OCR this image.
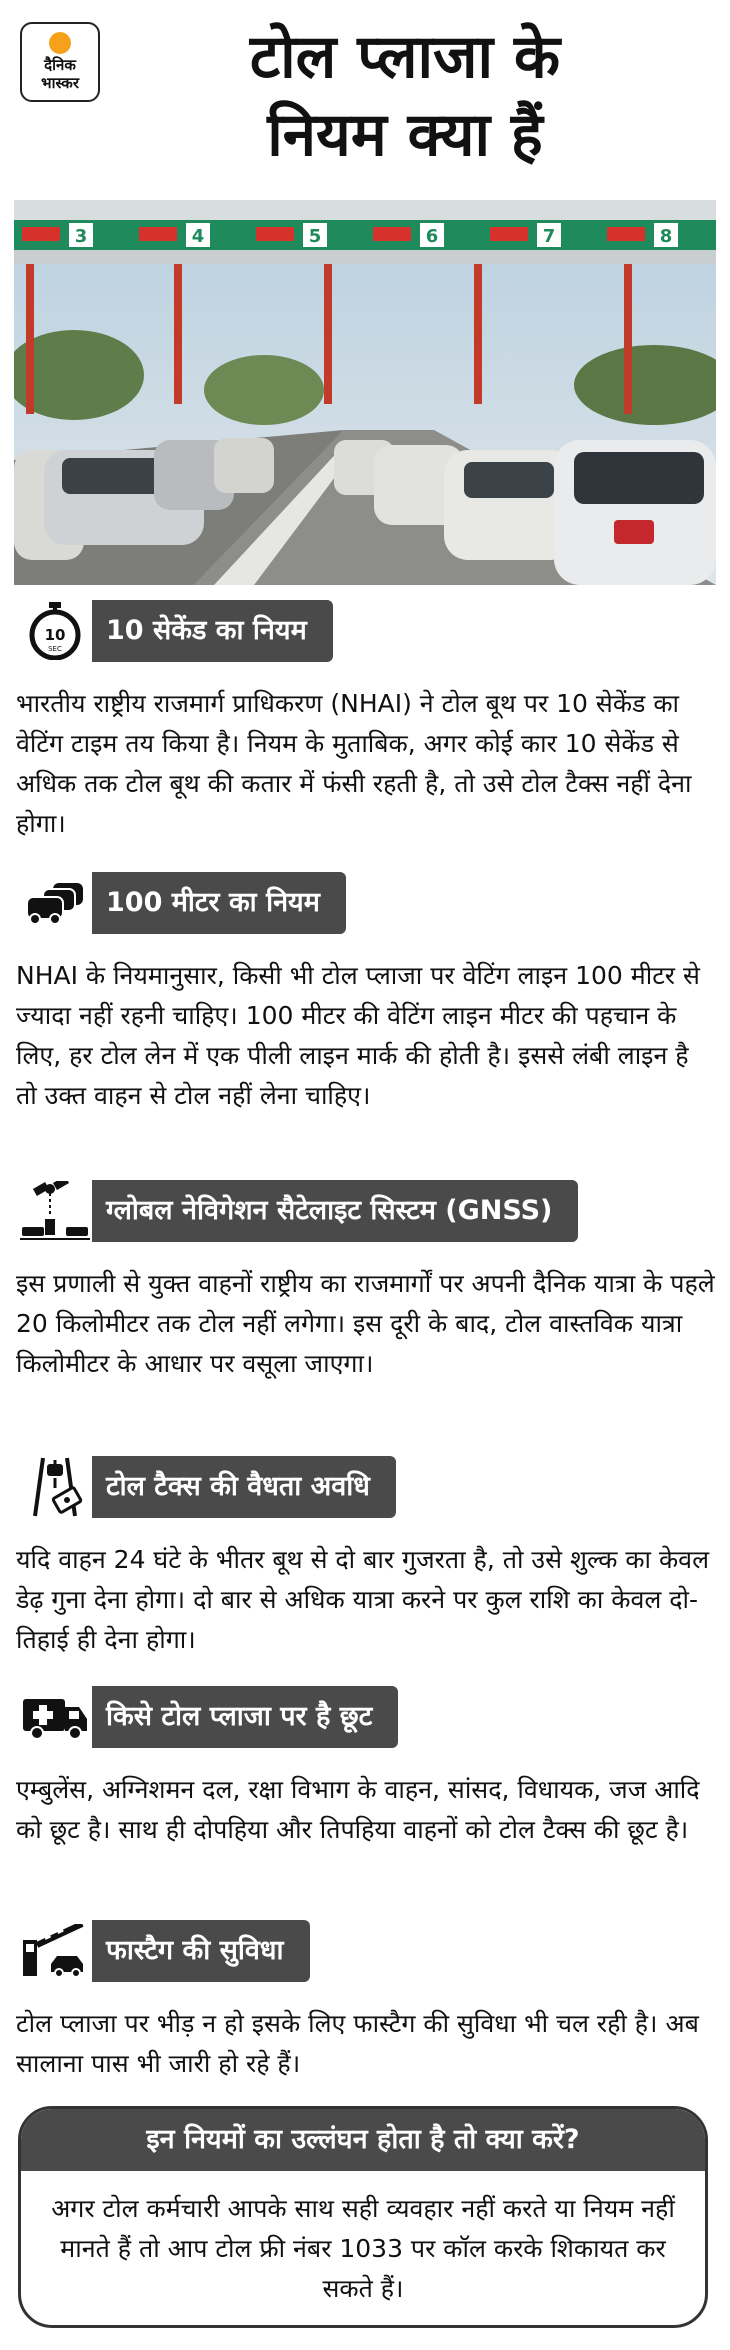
दैनिक
भास्कर	टोल प्लाजा के
नियम क्या हैं
3	4	5	6	7	8
10
SEC
10 सेकेंड का नियम
भारतीय राष्ट्रीय राजमार्ग प्राधिकरण (NHAI) ने टोल बूथ पर 10 सेकेंड का वेटिंग टाइम तय किया है। नियम के मुताबिक, अगर कोई कार 10 सेकेंड से अधिक तक टोल बूथ की कतार में फंसी रहती है, तो उसे टोल टैक्स नहीं देना होगा।
100 मीटर का नियम
NHAI के नियमानुसार, किसी भी टोल प्लाजा पर वेटिंग लाइन 100 मीटर से ज्यादा नहीं रहनी चाहिए। 100 मीटर की वेटिंग लाइन मीटर की पहचान के लिए, हर टोल लेन में एक पीली लाइन मार्क की होती है। इससे लंबी लाइन है तो उक्त वाहन से टोल नहीं लेना चाहिए।
ग्लोबल नेविगेशन सैटेलाइट सिस्टम (GNSS)
इस प्रणाली से युक्त वाहनों राष्ट्रीय का राजमार्गों पर अपनी दैनिक यात्रा के पहले 20 किलोमीटर तक टोल नहीं लगेगा। इस दूरी के बाद, टोल वास्तविक यात्रा किलोमीटर के आधार पर वसूला जाएगा।
टोल टैक्स की वैधता अवधि
यदि वाहन 24 घंटे के भीतर बूथ से दो बार गुजरता है, तो उसे शुल्क का केवल डेढ़ गुना देना होगा। दो बार से अधिक यात्रा करने पर कुल राशि का केवल दो-तिहाई ही देना होगा।
किसे टोल प्लाजा पर है छूट
एम्बुलेंस, अग्निशमन दल, रक्षा विभाग के वाहन, सांसद, विधायक, जज आदि को छूट है। साथ ही दोपहिया और तिपहिया वाहनों को टोल टैक्स की छूट है।
फास्टैग की सुविधा
टोल प्लाजा पर भीड़ न हो इसके लिए फास्टैग की सुविधा भी चल रही है। अब सालाना पास भी जारी हो रहे हैं।
इन नियमों का उल्लंघन होता है तो क्या करें?
अगर टोल कर्मचारी आपके साथ सही व्यवहार नहीं करते या नियम नहीं मानते हैं तो आप टोल फ्री नंबर 1033 पर कॉल करके शिकायत कर सकते हैं।
